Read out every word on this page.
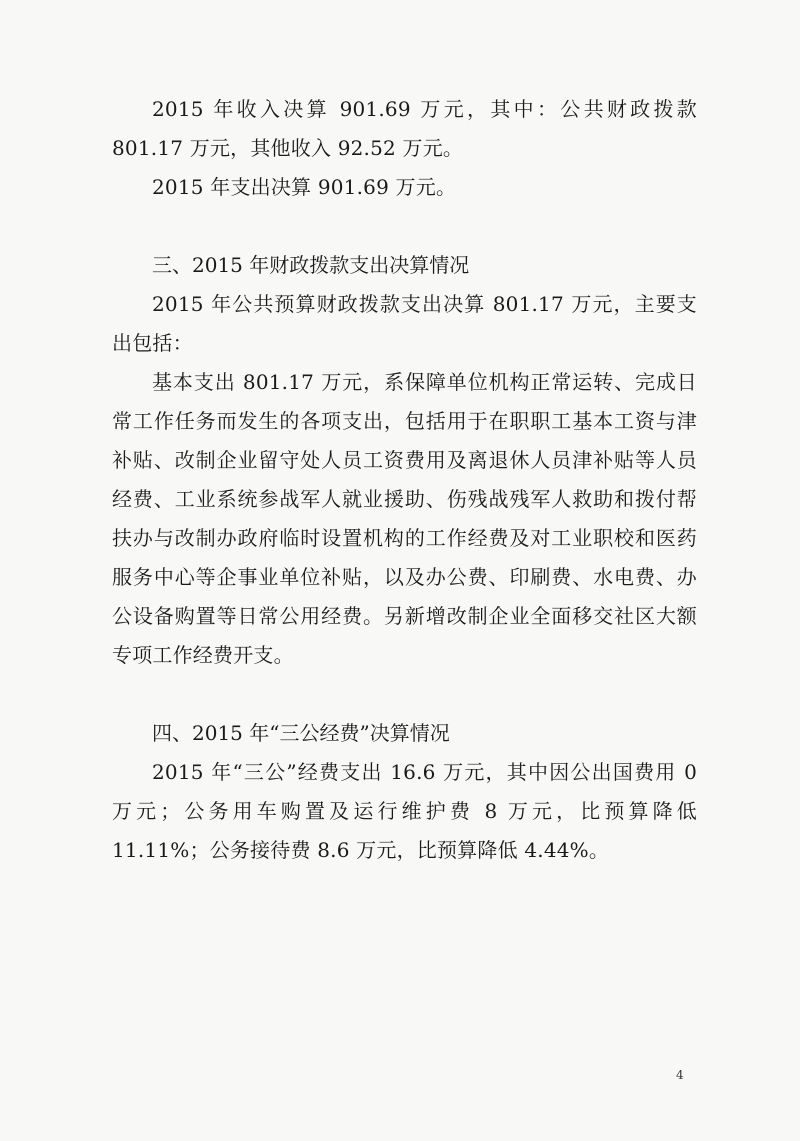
2015 年收入决算 901.69 万元，其中：公共财政拨款 801.17 万元，其他收入 92.52 万元。

2015 年支出决算 901.69 万元。

三、2015 年财政拨款支出决算情况

2015 年公共预算财政拨款支出决算 801.17 万元，主要支出包括：

基本支出 801.17 万元，系保障单位机构正常运转、完成日常工作任务而发生的各项支出，包括用于在职职工基本工资与津补贴、改制企业留守处人员工资费用及离退休人员津补贴等人员经费、工业系统参战军人就业援助、伤残战残军人救助和拨付帮扶办与改制办政府临时设置机构的工作经费及对工业职校和医药服务中心等企事业单位补贴，以及办公费、印刷费、水电费、办公设备购置等日常公用经费。另新增改制企业全面移交社区大额专项工作经费开支。

四、2015 年“三公经费”决算情况

2015 年“三公”经费支出 16.6 万元，其中因公出国费用 0 万元；公务用车购置及运行维护费 8 万元，比预算降低 11.11%；公务接待费 8.6 万元，比预算降低 4.44%。

4
